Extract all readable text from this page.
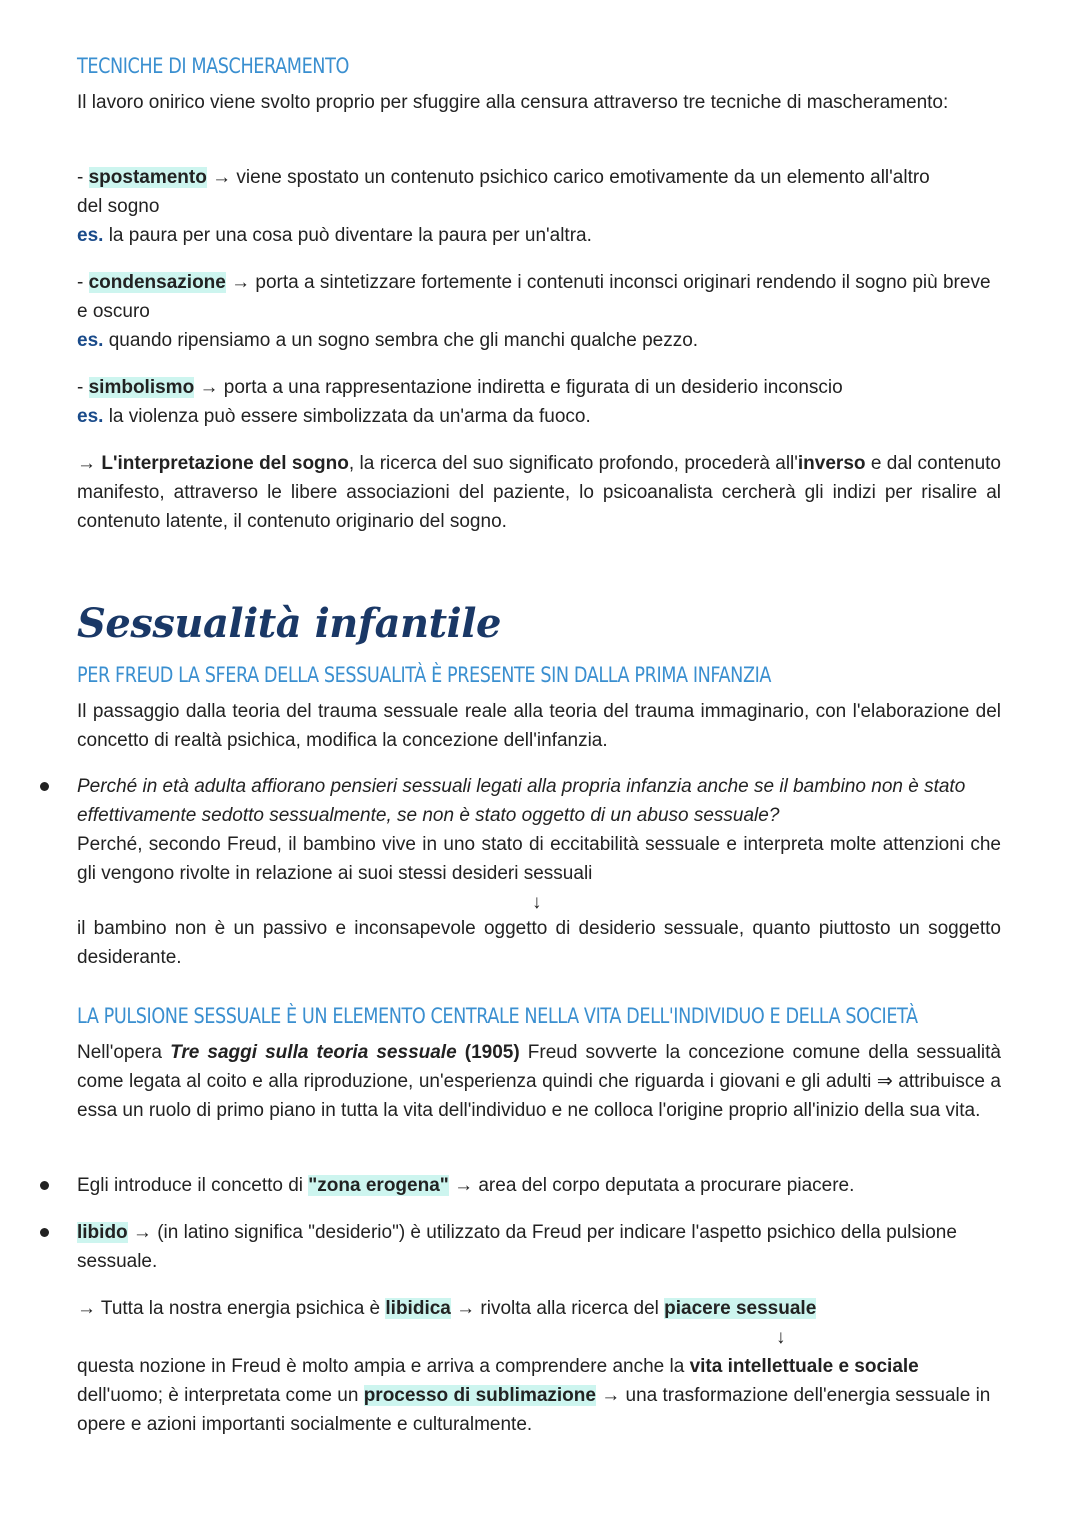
TECNICHE DI MASCHERAMENTO

Il lavoro onirico viene svolto proprio per sfuggire alla censura attraverso tre tecniche di mascheramento:

- spostamento → viene spostato un contenuto psichico carico emotivamente da un elemento all'altro del sogno
es. la paura per una cosa può diventare la paura per un'altra.

- condensazione → porta a sintetizzare fortemente i contenuti inconsci originari rendendo il sogno più breve e oscuro
es. quando ripensiamo a un sogno sembra che gli manchi qualche pezzo.

- simbolismo → porta a una rappresentazione indiretta e figurata di un desiderio inconscio
es. la violenza può essere simbolizzata da un'arma da fuoco.

→ L'interpretazione del sogno, la ricerca del suo significato profondo, procederà all'inverso e dal contenuto manifesto, attraverso le libere associazioni del paziente, lo psicoanalista cercherà gli indizi per risalire al contenuto latente, il contenuto originario del sogno.

Sessualità infantile
PER FREUD LA SFERA DELLA SESSUALITÀ È PRESENTE SIN DALLA PRIMA INFANZIA

Il passaggio dalla teoria del trauma sessuale reale alla teoria del trauma immaginario, con l'elaborazione del concetto di realtà psichica, modifica la concezione dell'infanzia.

Perché in età adulta affiorano pensieri sessuali legati alla propria infanzia anche se il bambino non è stato effettivamente sedotto sessualmente, se non è stato oggetto di un abuso sessuale?

Perché, secondo Freud, il bambino vive in uno stato di eccitabilità sessuale e interpreta molte attenzioni che gli vengono rivolte in relazione ai suoi stessi desideri sessuali

↓

il bambino non è un passivo e inconsapevole oggetto di desiderio sessuale, quanto piuttosto un soggetto desiderante.

LA PULSIONE SESSUALE È UN ELEMENTO CENTRALE NELLA VITA DELL'INDIVIDUO E DELLA SOCIETÀ

Nell'opera Tre saggi sulla teoria sessuale (1905) Freud sovverte la concezione comune della sessualità come legata al coito e alla riproduzione, un'esperienza quindi che riguarda i giovani e gli adulti ⇒ attribuisce a essa un ruolo di primo piano in tutta la vita dell'individuo e ne colloca l'origine proprio all'inizio della sua vita.

Egli introduce il concetto di "zona erogena" → area del corpo deputata a procurare piacere.

libido → (in latino significa "desiderio") è utilizzato da Freud per indicare l'aspetto psichico della pulsione sessuale.

→ Tutta la nostra energia psichica è libidica → rivolta alla ricerca del piacere sessuale

↓

questa nozione in Freud è molto ampia e arriva a comprendere anche la vita intellettuale e sociale dell'uomo; è interpretata come un processo di sublimazione → una trasformazione dell'energia sessuale in opere e azioni importanti socialmente e culturalmente.
